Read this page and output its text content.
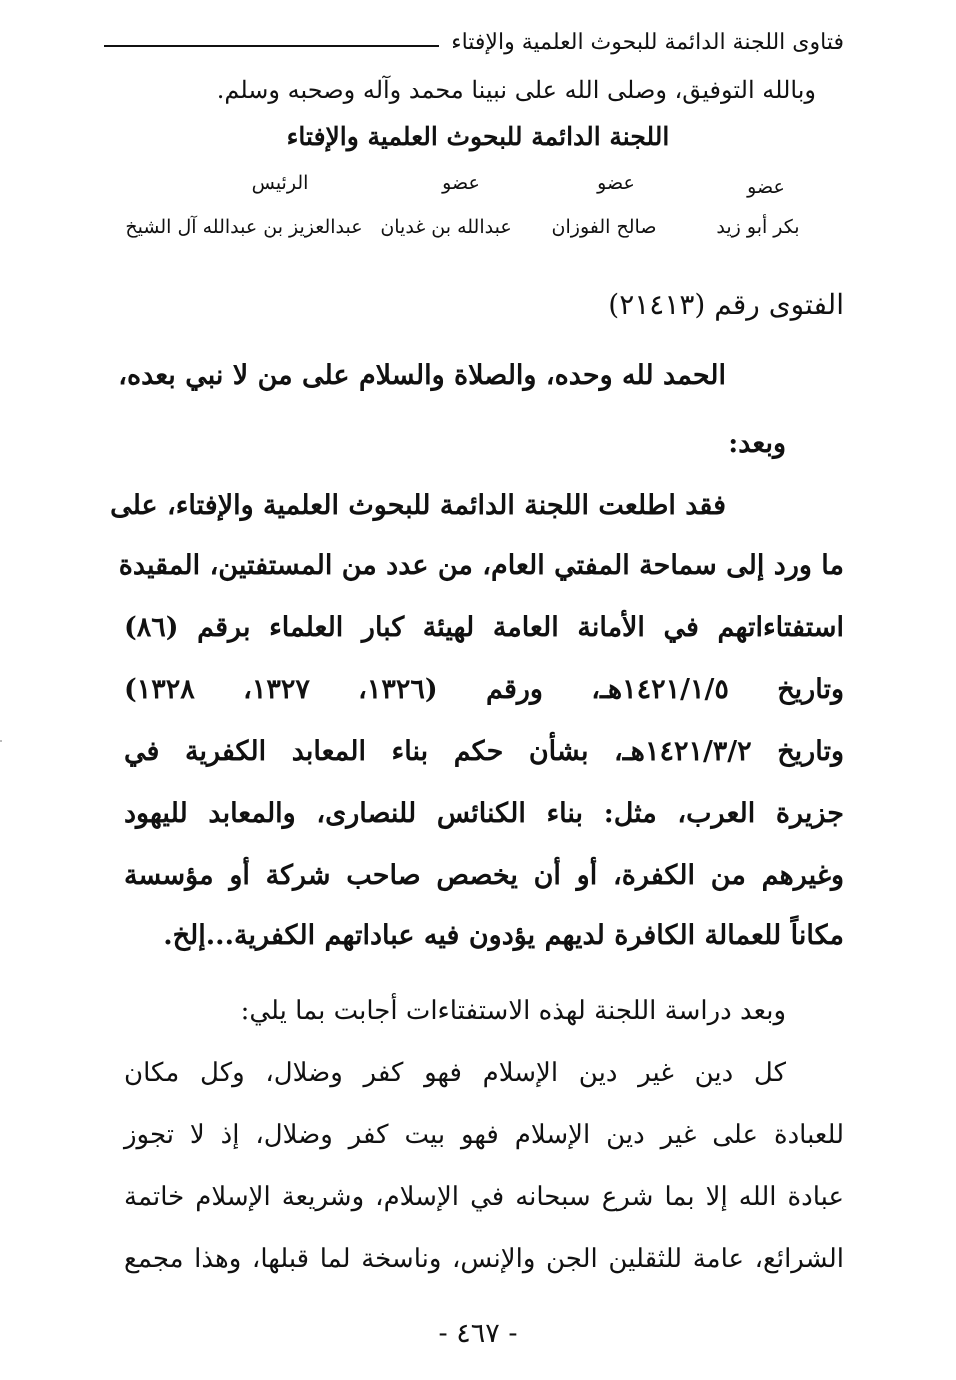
فتاوى اللجنة الدائمة للبحوث العلمية والإفتاء
وبالله التوفيق، وصلى الله على نبينا محمد وآله وصحبه وسلم.
اللجنة الدائمة للبحوث العلمية والإفتاء
عضو
عضو
عضو
الرئيس
بكر أبو زيد
صالح الفوزان
عبدالله بن غديان
عبدالعزيز بن عبدالله آل الشيخ
الفتوى رقم (٢١٤١٣)
الحمد لله وحده، والصلاة والسلام على من لا نبي بعده،
وبعد:
فقد اطلعت اللجنة الدائمة للبحوث العلمية والإفتاء، على
ما ورد إلى سماحة المفتي العام، من عدد من المستفتين، المقيدة
استفتاءاتهم في الأمانة العامة لهيئة كبار العلماء برقم (٨٦)
وتاريخ ١٤٢١/١/٥هـ، ورقم (١٣٢٦، ١٣٢٧، ١٣٢٨)
وتاريخ ١٤٢١/٣/٢هـ، بشأن حكم بناء المعابد الكفرية في
جزيرة العرب، مثل: بناء الكنائس للنصارى، والمعابد لليهود
وغيرهم من الكفرة، أو أن يخصص صاحب شركة أو مؤسسة
مكاناً للعمالة الكافرة لديهم يؤدون فيه عباداتهم الكفرية...إلخ.
وبعد دراسة اللجنة لهذه الاستفتاءات أجابت بما يلي:
كل دين غير دين الإسلام فهو كفر وضلال، وكل مكان
للعبادة على غير دين الإسلام فهو بيت كفر وضلال، إذ لا تجوز
عبادة الله إلا بما شرع سبحانه في الإسلام، وشريعة الإسلام خاتمة
الشرائع، عامة للثقلين الجن والإنس، وناسخة لما قبلها، وهذا مجمع
- ٤٦٧ -
